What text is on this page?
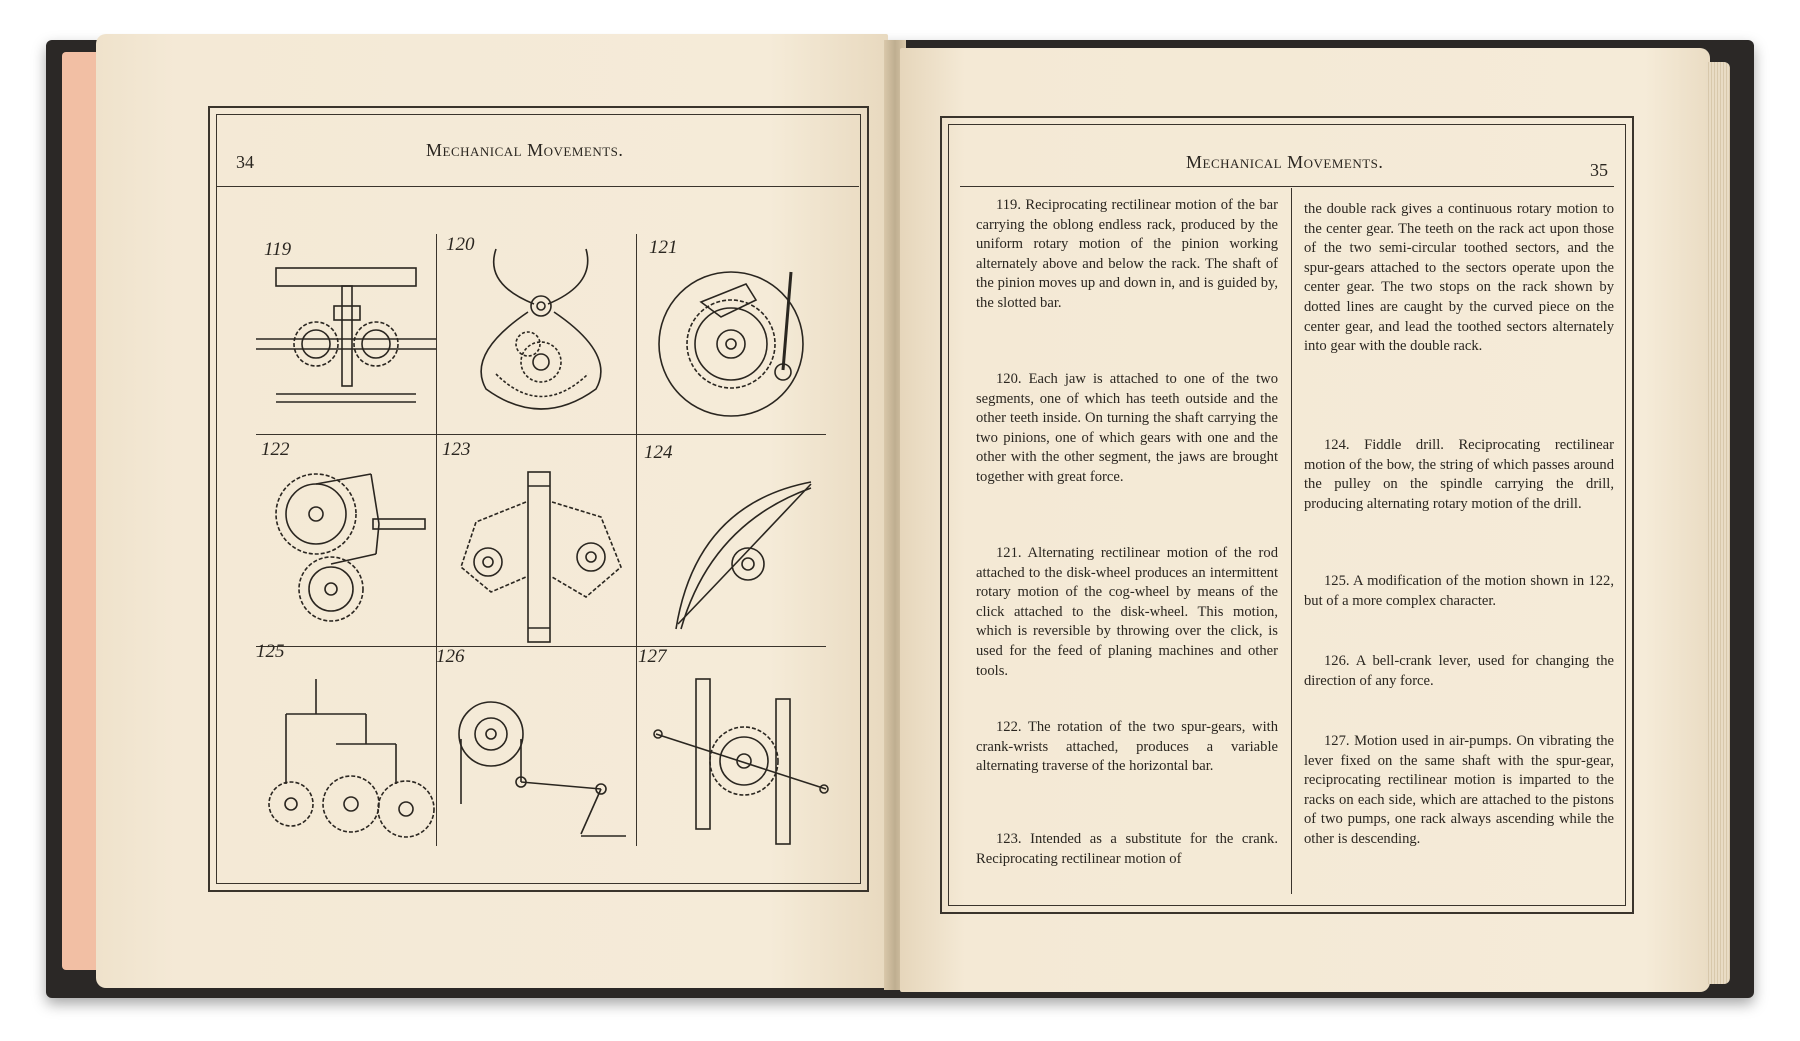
34
Mechanical Movements.
119	120	121
122	123	124
125	126	127
Mechanical Movements.	35

119. Reciprocating rectilinear motion of the bar carrying the oblong endless rack, produced by the uniform rotary motion of the pinion working alternately above and below the rack. The shaft of the pinion moves up and down in, and is guided by, the slotted bar.

120. Each jaw is attached to one of the two segments, one of which has teeth outside and the other teeth inside. On turning the shaft carrying the two pinions, one of which gears with one and the other with the other segment, the jaws are brought together with great force.

121. Alternating rectilinear motion of the rod attached to the disk-wheel produces an intermittent rotary motion of the cog-wheel by means of the click attached to the disk-wheel. This motion, which is reversible by throwing over the click, is used for the feed of planing machines and other tools.

122. The rotation of the two spur-gears, with crank-wrists attached, produces a variable alternating traverse of the horizontal bar.

123. Intended as a substitute for the crank. Reciprocating rectilinear motion of

the double rack gives a continuous rotary motion to the center gear. The teeth on the rack act upon those of the two semi-circular toothed sectors, and the spur-gears attached to the sectors operate upon the center gear. The two stops on the rack shown by dotted lines are caught by the curved piece on the center gear, and lead the toothed sectors alternately into gear with the double rack.

124. Fiddle drill. Reciprocating rectilinear motion of the bow, the string of which passes around the pulley on the spindle carrying the drill, producing alternating rotary motion of the drill.

125. A modification of the motion shown in 122, but of a more complex character.

126. A bell-crank lever, used for changing the direction of any force.

127. Motion used in air-pumps. On vibrating the lever fixed on the same shaft with the spur-gear, reciprocating rectilinear motion is imparted to the racks on each side, which are attached to the pistons of two pumps, one rack always ascending while the other is descending.
